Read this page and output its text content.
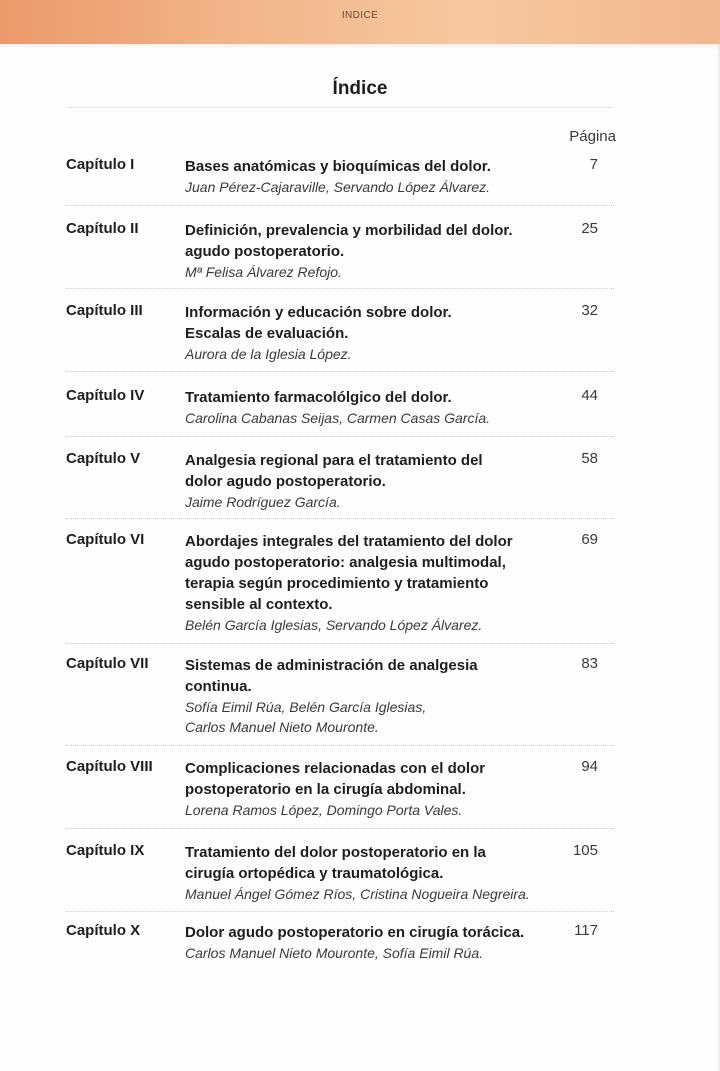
INDICE
Índice
Página
Capítulo I	Bases anatómicas y bioquímicas del dolor.

Juan Pérez-Cajaraville, Servando López Álvarez.
7
Capítulo II	Definición, prevalencia y morbilidad del dolor.
agudo postoperatorio.

Mª Felisa Álvarez Refojo.
25
Capítulo III	Información y educación sobre dolor.
Escalas de evaluación.

Aurora de la Iglesia López.
32
Capítulo IV	Tratamiento farmacolólgico del dolor.

Carolina Cabanas Seijas, Carmen Casas García.
44
Capítulo V	Analgesia regional para el tratamiento del
dolor agudo postoperatorio.

Jaime Rodríguez García.
58
Capítulo VI	Abordajes integrales del tratamiento del dolor
agudo postoperatorio: analgesia multimodal,
terapia según procedimiento y tratamiento
sensible al contexto.

Belén García Iglesias, Servando López Álvarez.
69
Capítulo VII Sistemas de administración de analgesia
continua.

Sofía Eimil Rúa, Belén García Iglesias,
Carlos Manuel Nieto Mouronte.
83
Capítulo VIII Complicaciones relacionadas con el dolor
postoperatorio en la cirugía abdominal.

Lorena Ramos López, Domingo Porta Vales.
94
Capítulo IX	Tratamiento del dolor postoperatorio en la
cirugía ortopédica y traumatológica.

Manuel Ángel Gómez Ríos, Cristina Nogueira Negreira.
105
Capítulo X	Dolor agudo postoperatorio en cirugía torácica.

Carlos Manuel Nieto Mouronte, Sofía Eimil Rúa.
117
